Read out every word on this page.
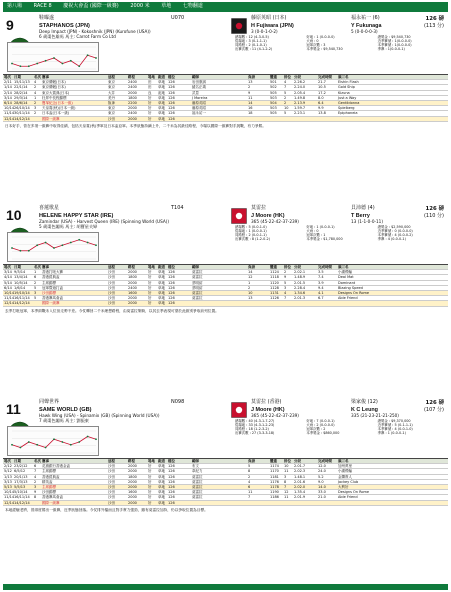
第八場 RACE 8 慶祝大會盃 (國際一級賽) 2000 米 草地 七物翻道
9	鞋曝遂
STAPHANOS (JPN)
Deep Impact (JPN) - Kokoshnik (JPN) (Kurofune (USA))
6 歲棗色雄馬 馬主: Carrot Farm Co Ltd
U070	藤原英昭 (日本)
H Fujiwara (JPN)
3 (0-0-1-0-2)
福永祐一 (6)
Y Fukunaga
5 (0-0-0-0-3)
126 磅
(113 分)
總場數 : 12 (4-3-0-5)
從場地 : 3 (0-1-1-1)
同路程 : 2 (0-1-0-1)
出賽次數 : 11 (4-1-2-2)
好地 : 1 (0-0-0-0)
大雨 : 0
冠軍次數 : 3
本季獎金 : $9,540,730
總獎金 : $9,540,730
近季賽號 : 1(0-0-0-0)
本季賽號 : 1(0-0-0-0)
季賽 : 1(0-0-0-1)
場次 日期	名次 賽事	途程	路程	場地 跑道 檔位	騎師	負磅	體重	排位 分段	完成時間	頭三名
2/11 15/11/13	4	東京優駿(日本)	東京	2400	田	草地 126	岩田康誠	13	501	4	2.26.2	21.7	Eishin Flash
1/14 22/1/14	2	東京優駿(日本)	東京	2400	田	草地 126	蛯名正義	2	502	7	2.24.0	10.5	Gold Ship
2/14 28/2/14	4	東京大賞典(日本)	大井	2000	良	泥地 126	武豊	9	505	5	2.05.4	17.2	Kizuna
3/14 29/3/14	1	杜拜中長程錦標	美丹	1800	好	草地 126	J Moreira	11	503	2	1.49.8	8.0	Just a Way
6/14 28/6/14	2	寶塚紀念(日本一級)	阪神	2200	好	草地 126	藤原英昭	14	504	2	2.13.9	6.4	Gentildonna
10/14 26/10/14	3	天皇賞(秋)(日本一級)	東京	2000	好	草地 126	藤原英昭	16	503	10	1.59.7	9.9	Spielberg
11/14 30/11/14	2	日本盃(日本一級)	東京	2400	好	草地 126	福永祐一	18	505	5	2.23.1	13.8	Epiphaneia
12/14 14/12/14	國際一級賽	沙田	2000	好	草地 126
日本好手，曾在多項一級賽中取得佳績，包括天皇賞(秋)季軍及日本盃亞軍。本季狀態持續上升，二千米為其最佳路程，今場以國際一級賽對手挑戰，有力爭勝。
10	喜蓮歌星
HELENE HAPPY STAR (IRE)
Zamindar (USA) - Harvest Queen (IRE) (Spinning World (USA))
5 歲棗色閹馬 馬主: 胡寶星夫婦
T104	莫雷拉
J Moore (HK)
365 (45-22-42-37-239)
貝沛德 (4)
T Berry
13 (1-1-0-0-11)
126 磅
(110 分)
總場數 : 5 (0-0-1-0)
從場地 : 1 (0-0-0-1)
同路程 : 2 (0-0-1-1)
出賽次數 : 8 (1-2-0-2)
好地 : 1 (0-0-0-1)
大雨 : 0
冠軍次數 : 1
本季獎金 : $1,780,000
總獎金 : $2,590,000
近季賽號 : 0 (0-0-0-0)
本季賽號 : 4 (0-0-0-2)
季賽 : 4 (0-0-0-1)
場次 日期	名次 賽事	途程	路程	場地 跑道 檔位	騎師	負磅	體重	排位 分段	完成時間	頭三名
3/14 9/3/14	1	香港打吡大賽	沙田	2000	好	草地 126	莫雷拉	14	1124	2	2.02.1	3.5	小湖飛輪
4/14 13/4/14	6	香港經典盃	沙田	1800	好	草地 126	莫雷拉	12	1118	9	1.48.9	7.4	Deal Mat
5/14 10/5/14	2	主席錦標	沙田	2000	好	草地 126	蔡明紹	1	1120	5	2.01.5	3.9	Dominant
6/14 1/6/14	5	冠軍暨遮打盃	沙田	2400	好	草地 126	蔡明紹	2	1128	3	2.28.4	9.4	Blazing Speed
10/14 19/10/14	3	沙田錦標	沙田	1600	好	草地 126	莫雷拉	10	1131	4	1.34.6	4.1	Designs On Rome
11/14 16/11/14	5	香港賽馬會盃	沙田	2000	好	草地 126	莫雷拉	13	1126	7	2.01.3	6.7	Able Friend
12/14 14/12/14	國際一級賽	沙田	2000	好	草地 126
去季打吡冠軍，本季兩戰未入位但走勢不差。今仗轉回二千米理想路程，由莫雷拉策騎，以其去季表現可望於此級別爭取前列位置。
11	同聲世界
SAME WORLD (GB)
Hawk Wing (USA) - Spinamix (GB) (Spinning World (USA))
7 歲棗色閹馬 馬主: 劉振東
N098	莫雷拉 (香港)
J Moore (HK)
365 (45-22-42-37-239)
梁家俊 (12)
K C Leung
335 (21-23-21-21-250)
126 磅
(107 分)
總場數 : 40 (4-3-1-7-27)
從場地 : 33 (4-3-1-2-23)
同路程 : 18 (1-2-3-2)
出賽次數 : 27 (3-3-3-18)
好地 : 7 (0-0-0-1)
大雨 : 2 (0-0-0-0)
冠軍次數 : 2
本季獎金 : $860,000
總獎金 : $9,370,000
近季賽號 : 5 (0-1-1-1)
本季賽號 : 4 (0-0-1-0)
季賽 : 1 (0-0-0-1)
場次 日期	名次 賽事	途程	路程	場地 跑道 檔位	騎師	負磅	體重	排位 分段	完成時間	頭三名
2/12 23/2/12	6	花旗銀行香港金盃	沙田	2000	好	草地 126	布文	5	1174	10	2.01.7	12.0	加州萬里
5/12 6/5/12	7	主席錦標	沙田	2000	好	草地 126	韋紀力	8	1170	11	2.02.3	24.0	小湖飛輪
1/13 20/1/13	4	香港經典盃	沙田	1800	好	草地 126	莫雷拉	2	1181	3	1.48.1	5.2	金鑽貴人
3/13 17/3/13	2	精英盃	沙田	2000	好	草地 126	莫雷拉	4	1176	8	2.01.6	9.0	Jockey Club
5/13 5/5/13	3	主席錦標	沙田	2000	好	草地 126	莫雷拉	6	1178	7	2.02.0	14.0	大利好
10/14 5/10/14	9	沙田錦標	沙田	1600	好	草地 126	莫雷拉	11	1190	12	1.35.4	33.0	Designs On Rome
11/14 16/11/14	8	香港賽馬會盃	沙田	2000	好	草地 126	莫雷拉	7	1186	11	2.01.9	21.0	Able Friend
12/14 14/12/14	國際一級賽	沙田	2000	好	草地 126
本地經驗老將，曾兩度勝出一級賽，近季狀態回落。今仗排外檔而且對手實力強勁，雖有莫雷拉加持，仍以爭取位置為目標。
